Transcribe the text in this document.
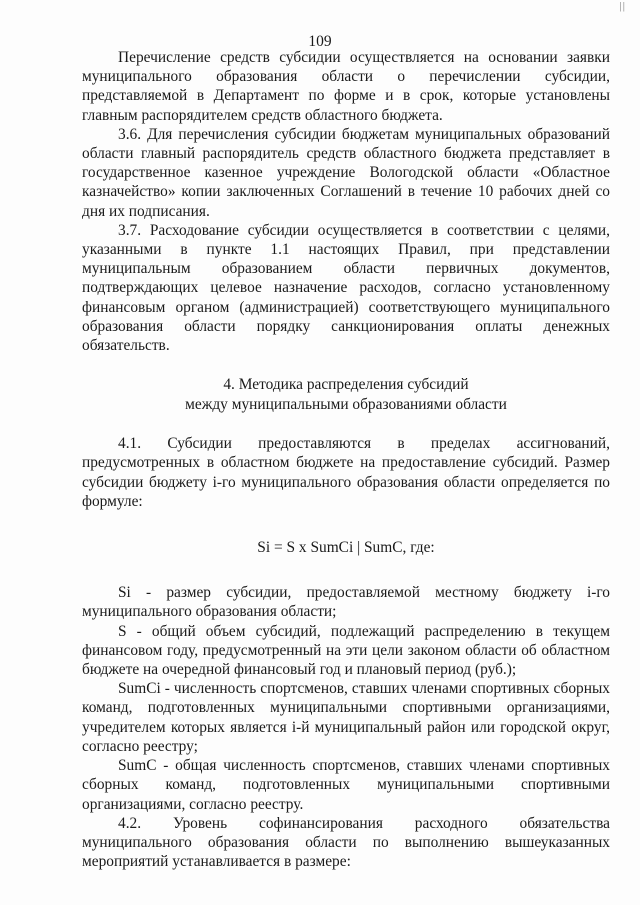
||
109

Перечисление средств субсидии осуществляется на основании заявки муниципального образования области о перечислении субсидии, представляемой в Департамент по форме и в срок, которые установлены главным распорядителем средств областного бюджета.

3.6. Для перечисления субсидии бюджетам муниципальных образований области главный распорядитель средств областного бюджета представляет в государственное казенное учреждение Вологодской области «Областное казначейство» копии заключенных Соглашений в течение 10 рабочих дней со дня их подписания.

3.7. Расходование субсидии осуществляется в соответствии с целями, указанными в пункте 1.1 настоящих Правил, при представлении муниципальным образованием области первичных документов, подтверждающих целевое назначение расходов, согласно установленному финансовым органом (администрацией) соответствующего муниципального образования области порядку санкционирования оплаты денежных обязательств.

4. Методика распределения субсидий
между муниципальными образованиями области

4.1. Субсидии предоставляются в пределах ассигнований, предусмотренных в областном бюджете на предоставление субсидий. Размер субсидии бюджету i-го муниципального образования области определяется по формуле:

Si = S x SumCi | SumC, где:

Si - размер субсидии, предоставляемой местному бюджету i-го муниципального образования области;

S - общий объем субсидий, подлежащий распределению в текущем финансовом году, предусмотренный на эти цели законом области об областном бюджете на очередной финансовый год и плановый период (руб.);

SumCi - численность спортсменов, ставших членами спортивных сборных команд, подготовленных муниципальными спортивными организациями, учредителем которых является i-й муниципальный район или городской округ, согласно реестру;

SumC - общая численность спортсменов, ставших членами спортивных сборных команд, подготовленных муниципальными спортивными организациями, согласно реестру.

4.2. Уровень софинансирования расходного обязательства муниципального образования области по выполнению вышеуказанных мероприятий устанавливается в размере:
